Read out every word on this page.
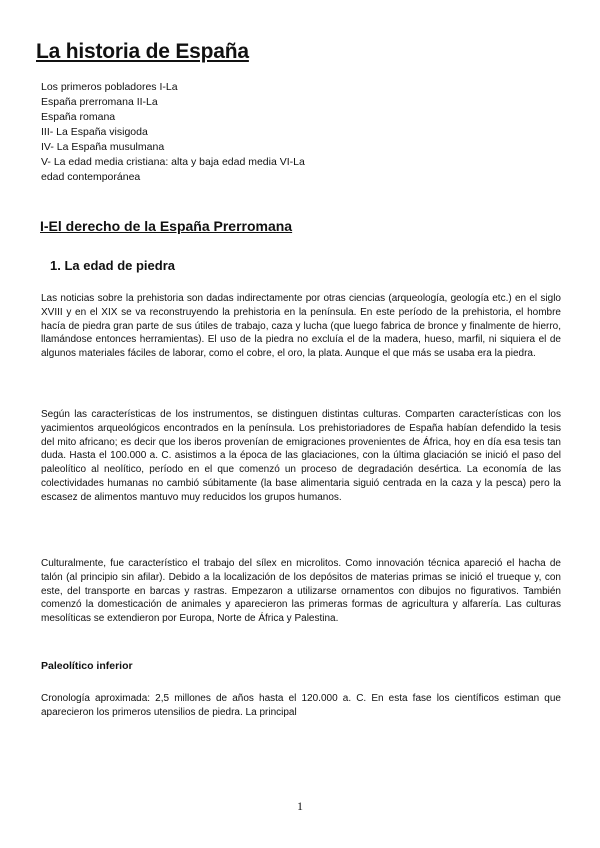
La historia de España
Los primeros pobladores I-La
España prerromana II-La
España romana
III- La España visigoda
IV- La España musulmana
V- La edad media cristiana: alta y baja edad media VI-La
edad contemporánea
I-El derecho de la España Prerromana
1. La edad de piedra

Las noticias sobre la prehistoria son dadas indirectamente por otras ciencias (arqueología, geología etc.) en el siglo XVIII y en el XIX se va reconstruyendo la prehistoria en la península. En este período de la prehistoria, el hombre hacía de piedra gran parte de sus útiles de trabajo, caza y lucha (que luego fabrica de bronce y finalmente de hierro, llamándose entonces herramientas). El uso de la piedra no excluía el de la madera, hueso, marfil, ni siquiera el de algunos materiales fáciles de laborar, como el cobre, el oro, la plata. Aunque el que más se usaba era la piedra.

Según las características de los instrumentos, se distinguen distintas culturas. Comparten características con los yacimientos arqueológicos encontrados en la península. Los prehistoriadores de España habían defendido la tesis del mito africano; es decir que los iberos provenían de emigraciones provenientes de África, hoy en día esa tesis tan duda. Hasta el 100.000 a. C. asistimos a la época de las glaciaciones, con la última glaciación se inició el paso del paleolítico al neolítico, período en el que comenzó un proceso de degradación desértica. La economía de las colectividades humanas no cambió súbitamente (la base alimentaria siguió centrada en la caza y la pesca) pero la escasez de alimentos mantuvo muy reducidos los grupos humanos.

Culturalmente, fue característico el trabajo del sílex en microlitos. Como innovación técnica apareció el hacha de talón (al principio sin afilar). Debido a la localización de los depósitos de materias primas se inició el trueque y, con este, del transporte en barcas y rastras. Empezaron a utilizarse ornamentos con dibujos no figurativos. También comenzó la domesticación de animales y aparecieron las primeras formas de agricultura y alfarería. Las culturas mesolíticas se extendieron por Europa, Norte de África y Palestina.

Paleolítico inferior

Cronología aproximada: 2,5 millones de años hasta el 120.000 a. C. En esta fase los científicos estiman que aparecieron los primeros utensilios de piedra. La principal

1
